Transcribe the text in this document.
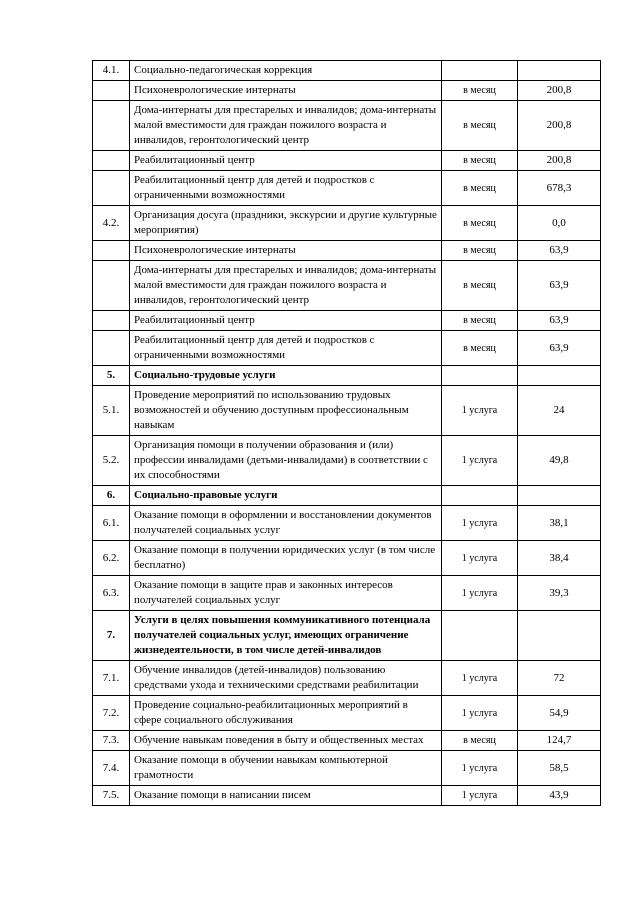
4.1.	Социально-педагогическая коррекция		
	Психоневрологические интернаты	в месяц	200,8
	Дома-интернаты для престарелых и инвалидов; дома-интернаты малой вместимости для граждан пожилого возраста и инвалидов, геронтологический центр	в месяц	200,8
	Реабилитационный центр	в месяц	200,8
	Реабилитационный центр для детей и подростков с ограниченными возможностями	в месяц	678,3
4.2.	Организация досуга (праздники, экскурсии и другие культурные мероприятия)	в месяц	0,0
	Психоневрологические интернаты	в месяц	63,9
	Дома-интернаты для престарелых и инвалидов; дома-интернаты малой вместимости для граждан пожилого возраста и инвалидов, геронтологический центр	в месяц	63,9
	Реабилитационный центр	в месяц	63,9
	Реабилитационный центр для детей и подростков с ограниченными возможностями	в месяц	63,9
5.	Социально-трудовые услуги		
5.1.	Проведение мероприятий по использованию трудовых возможностей и обучению доступным профессиональным навыкам	1 услуга	24
5.2.	Организация помощи в получении образования и (или) профессии инвалидами (детьми-инвалидами) в соответствии с их способностями	1 услуга	49,8
6.	Социально-правовые услуги		
6.1.	Оказание помощи в оформлении и восстановлении документов получателей социальных услуг	1 услуга	38,1
6.2.	Оказание помощи в получении юридических услуг (в том числе бесплатно)	1 услуга	38,4
6.3.	Оказание помощи в защите прав и законных интересов получателей социальных услуг	1 услуга	39,3
7.	Услуги в целях повышения коммуникативного потенциала получателей социальных услуг, имеющих ограничение жизнедеятельности, в том числе детей-инвалидов		
7.1.	Обучение инвалидов (детей-инвалидов) пользованию средствами ухода и техническими средствами реабилитации	1 услуга	72
7.2.	Проведение социально-реабилитационных мероприятий в сфере социального обслуживания	1 услуга	54,9
7.3.	Обучение навыкам поведения в быту и общественных местах	в месяц	124,7
7.4.	Оказание помощи в обучении навыкам компьютерной грамотности	1 услуга	58,5
7.5.	Оказание помощи в написании писем	1 услуга	43,9
